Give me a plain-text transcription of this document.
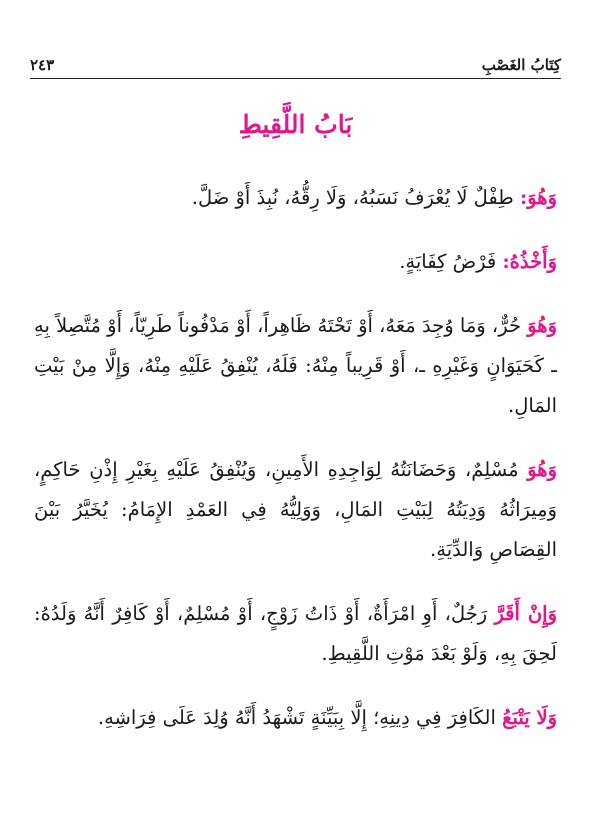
كِتَابُ الغَصْبِ
٢٤٣
بَابُ اللَّقِيطِ

وَهُوَ: طِفْلٌ لَا يُعْرَفُ نَسَبُهُ، وَلَا رِقُّهُ، نُبِذَ أَوْ ضَلَّ.

وَأَخْذُهُ: فَرْضُ كِفَايَةٍ.

وَهُوَ حُرٌّ، وَمَا وُجِدَ مَعَهُ، أَوْ تَحْتَهُ ظَاهِراً، أَوْ مَدْفُوناً طَرِيّاً، أَوْ مُتَّصِلاً بِهِ ـ كَحَيَوَانٍ وَغَيْرِهِ ـ، أَوْ قَرِيباً مِنْهُ: فَلَهُ، يُنْفِقُ عَلَيْهِ مِنْهُ، وَإِلَّا مِنْ بَيْتِ المَالِ.

وَهُوَ مُسْلِمٌ، وَحَضَانَتُهُ لِوَاجِدِهِ الأَمِينِ، وَيُنْفِقُ عَلَيْهِ بِغَيْرِ إِذْنِ حَاكِمٍ، وَمِيرَاثُهُ وَدِيَتُهُ لِبَيْتِ المَالِ، وَوَلِيُّهُ فِي العَمْدِ الإِمَامُ: يُخَيَّرُ بَيْنَ القِصَاصِ وَالدِّيَةِ.

وَإِنْ أَقَرَّ رَجُلٌ، أَوِ امْرَأَةٌ، أَوْ ذَاتُ زَوْجٍ، أَوْ مُسْلِمٌ، أَوْ كَافِرٌ أَنَّهُ وَلَدُهُ: لَحِقَ بِهِ، وَلَوْ بَعْدَ مَوْتِ اللَّقِيطِ.

وَلَا يَتْبَعُ الكَافِرَ فِي دِينِهِ؛ إِلَّا بِبَيِّنَةٍ تَشْهَدُ أَنَّهُ وُلِدَ عَلَى فِرَاشِهِ.
